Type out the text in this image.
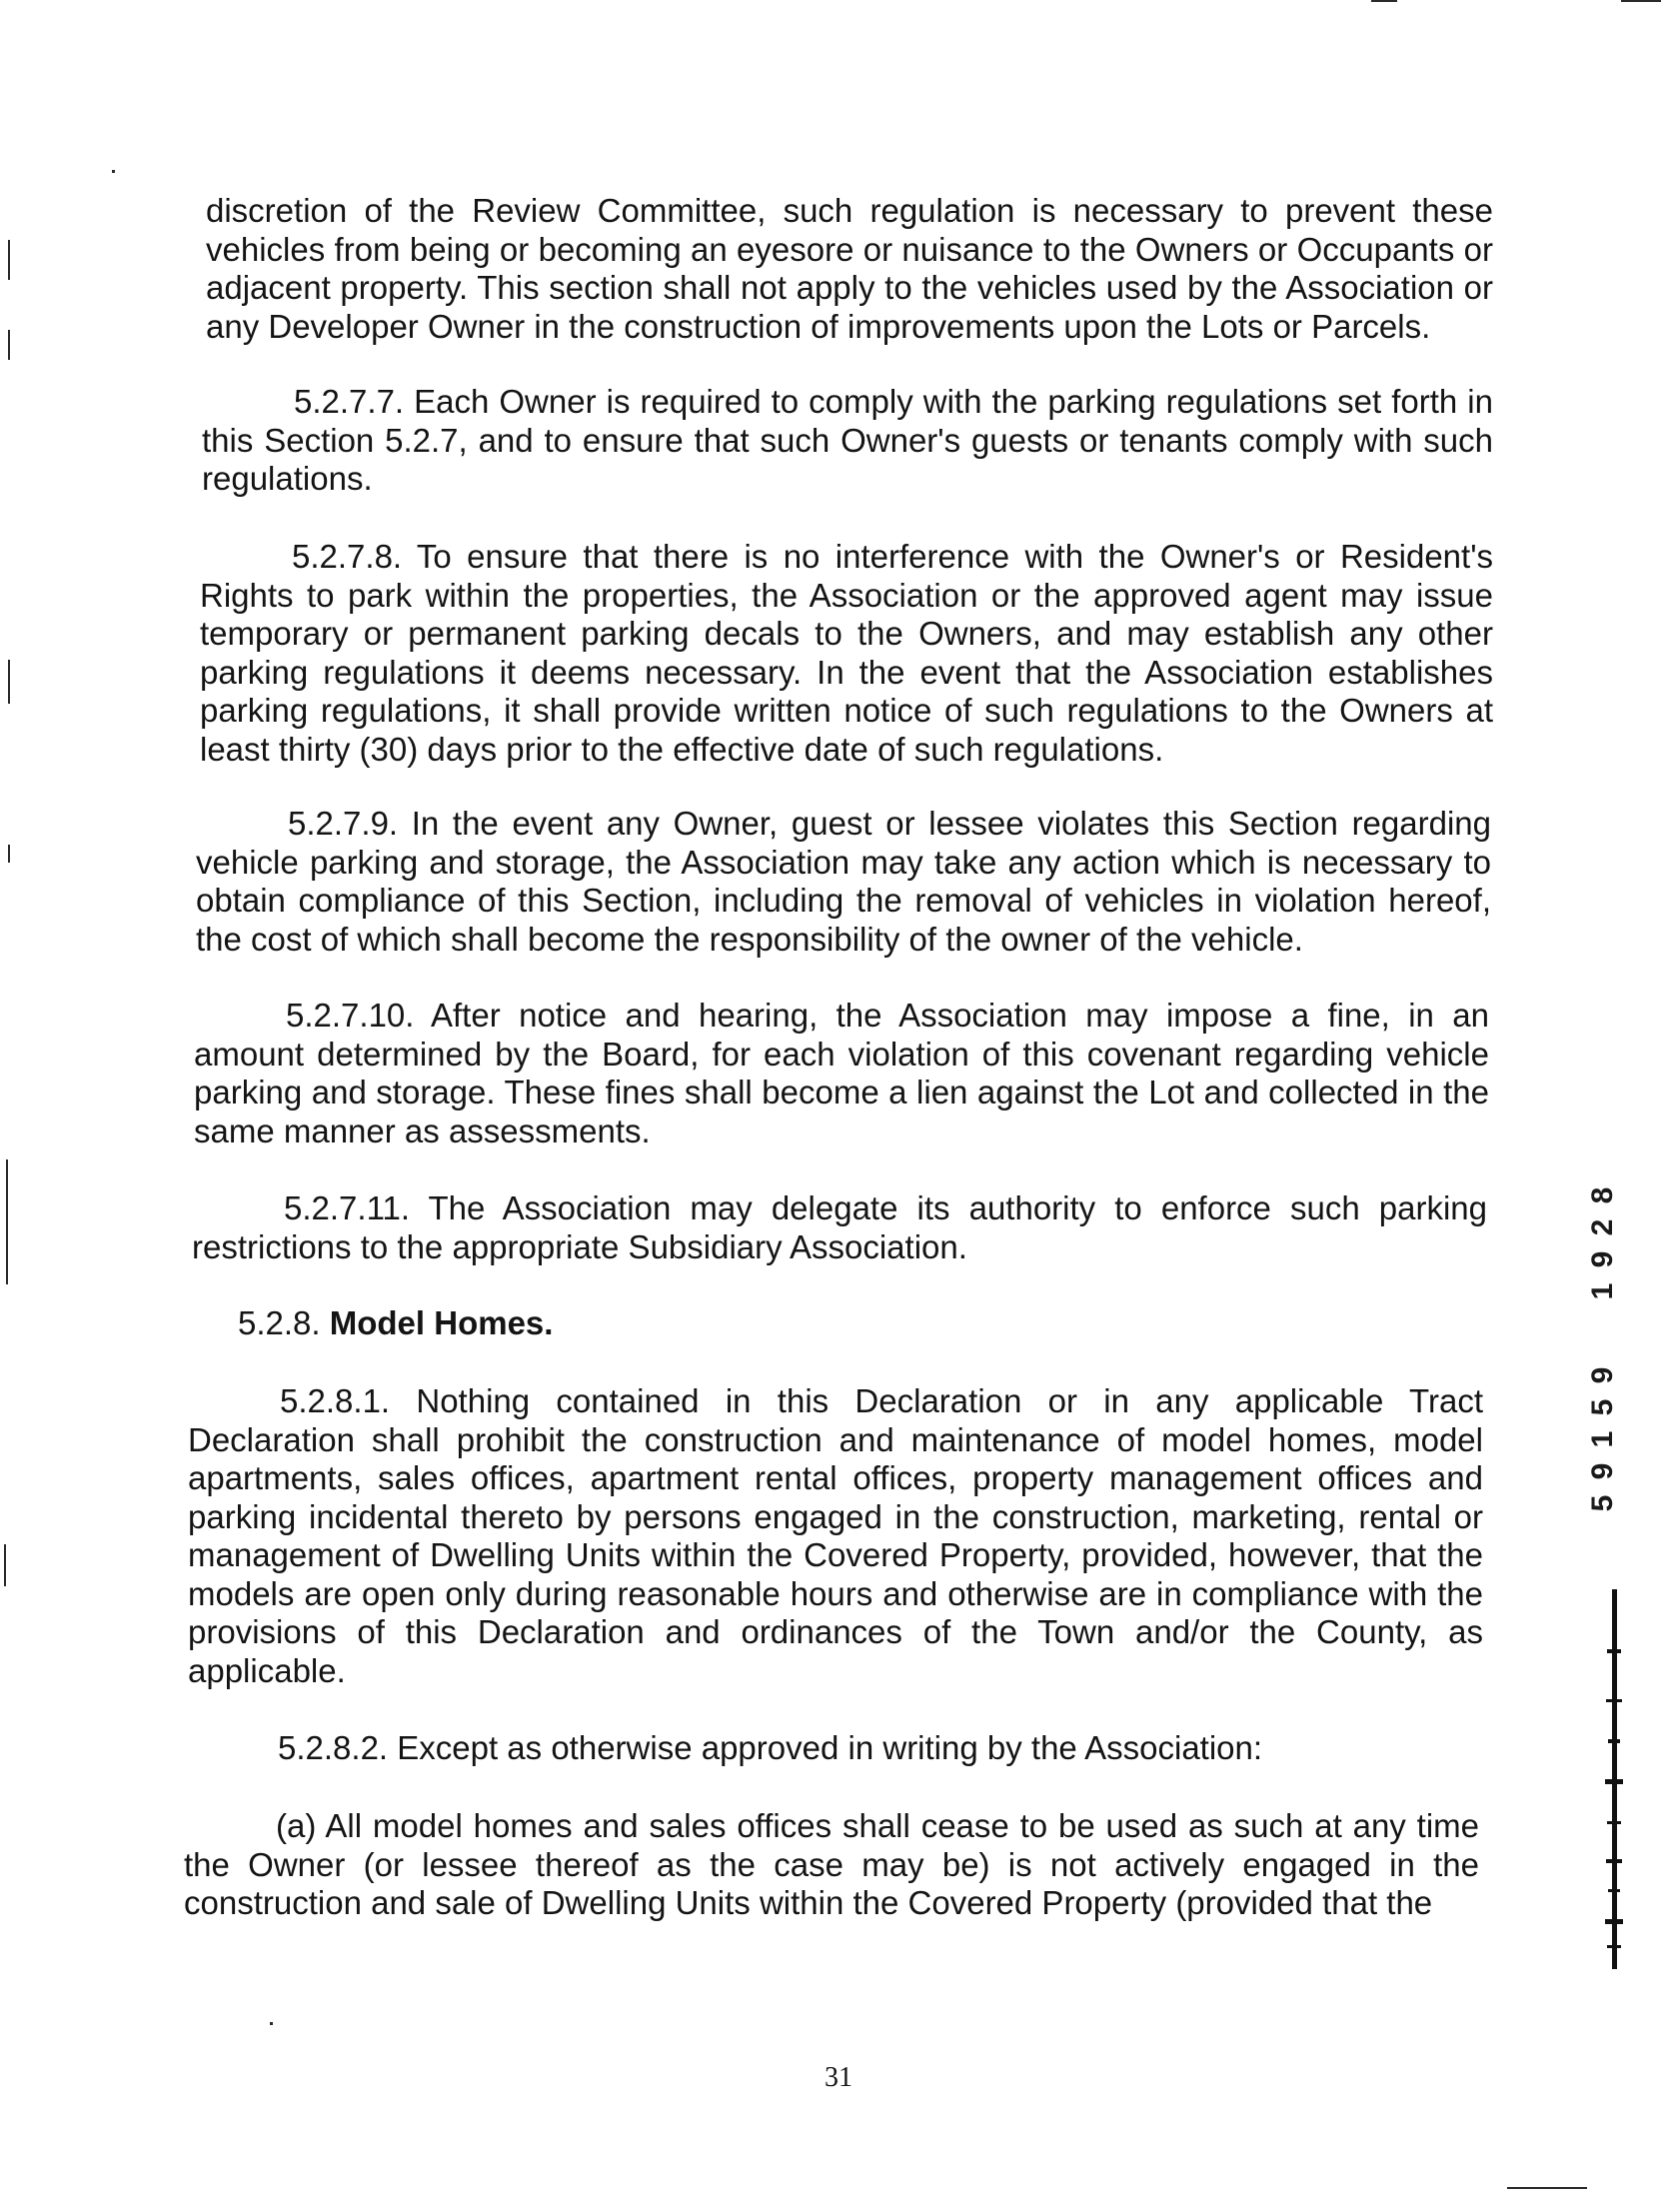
discretion of the Review Committee, such regulation is necessary to prevent these vehicles from being or becoming an eyesore or nuisance to the Owners or Occupants or adjacent property. This section shall not apply to the vehicles used by the Association or any Developer Owner in the construction of improvements upon the Lots or Parcels.

5.2.7.7. Each Owner is required to comply with the parking regulations set forth in this Section 5.2.7, and to ensure that such Owner's guests or tenants comply with such regulations.

5.2.7.8. To ensure that there is no interference with the Owner's or Resident's Rights to park within the properties, the Association or the approved agent may issue temporary or permanent parking decals to the Owners, and may establish any other parking regulations it deems necessary. In the event that the Association establishes parking regulations, it shall provide written notice of such regulations to the Owners at least thirty (30) days prior to the effective date of such regulations.

5.2.7.9. In the event any Owner, guest or lessee violates this Section regarding vehicle parking and storage, the Association may take any action which is necessary to obtain compliance of this Section, including the removal of vehicles in violation hereof, the cost of which shall become the responsibility of the owner of the vehicle.

5.2.7.10. After notice and hearing, the Association may impose a fine, in an amount determined by the Board, for each violation of this covenant regarding vehicle parking and storage. These fines shall become a lien against the Lot and collected in the same manner as assessments.

5.2.7.11. The Association may delegate its authority to enforce such parking restrictions to the appropriate Subsidiary Association.

5.2.8. Model Homes.

5.2.8.1. Nothing contained in this Declaration or in any applicable Tract Declaration shall prohibit the construction and maintenance of model homes, model apartments, sales offices, apartment rental offices, property management offices and parking incidental thereto by persons engaged in the construction, marketing, rental or management of Dwelling Units within the Covered Property, provided, however, that the models are open only during reasonable hours and otherwise are in compliance with the provisions of this Declaration and ordinances of the Town and/or the County, as applicable.

5.2.8.2. Except as otherwise approved in writing by the Association:

(a) All model homes and sales offices shall cease to be used as such at any time the Owner (or lessee thereof as the case may be) is not actively engaged in the construction and sale of Dwelling Units within the Covered Property (provided that the

31
8
2
9
1
9
5
1
9
5
